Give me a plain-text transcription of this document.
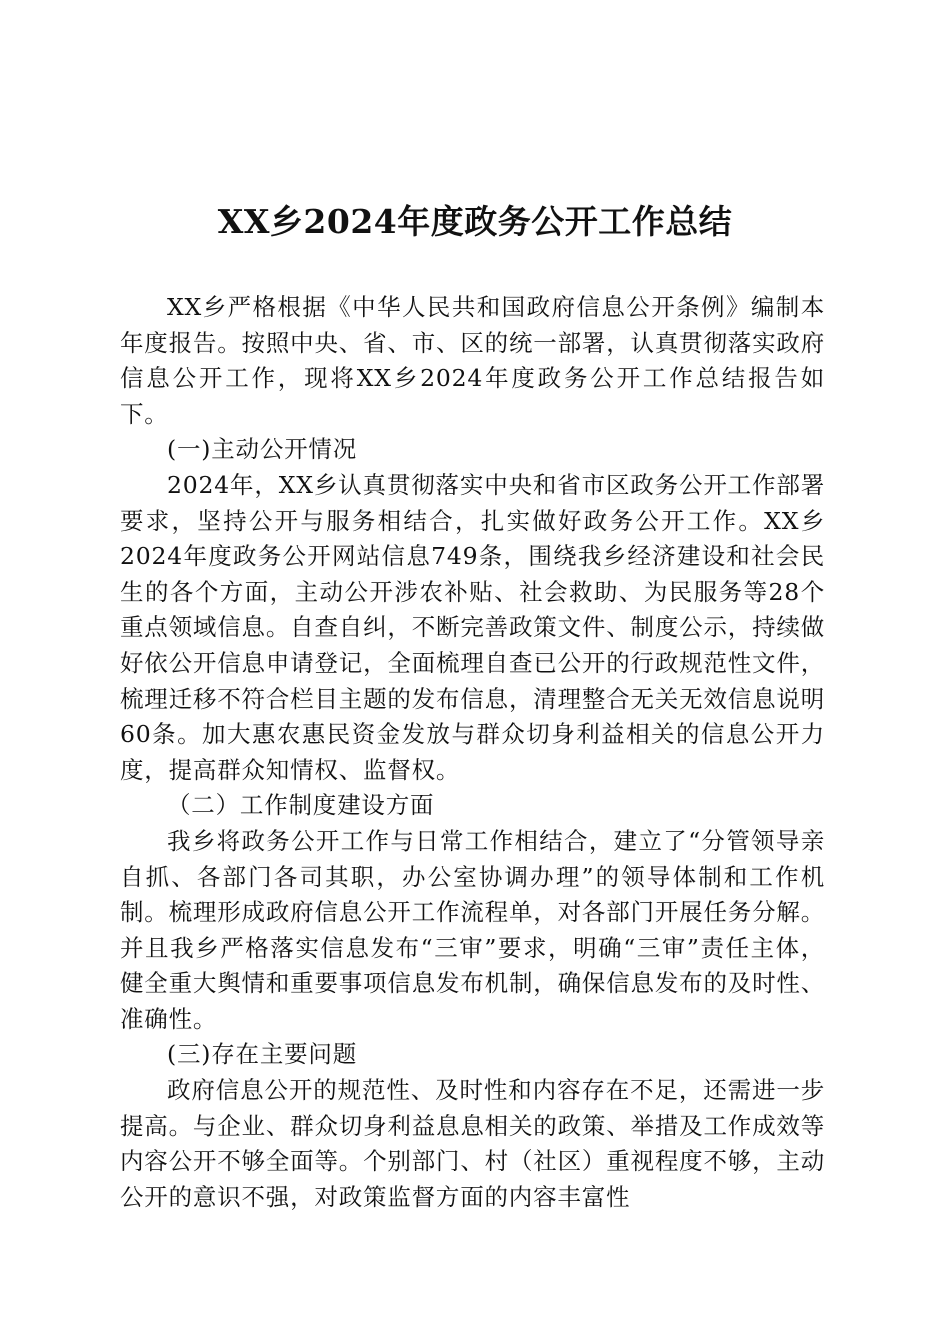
XX乡2024年度政务公开工作总结

XX乡严格根据《中华人民共和国政府信息公开条例》编制本年度报告。按照中央、省、市、区的统一部署，认真贯彻落实政府信息公开工作，现将XX乡2024年度政务公开工作总结报告如下。

(一)主动公开情况

2024年，XX乡认真贯彻落实中央和省市区政务公开工作部署要求，坚持公开与服务相结合，扎实做好政务公开工作。XX乡2024年度政务公开网站信息749条，围绕我乡经济建设和社会民生的各个方面，主动公开涉农补贴、社会救助、为民服务等28个重点领域信息。自查自纠，不断完善政策文件、制度公示，持续做好依公开信息申请登记，全面梳理自查已公开的行政规范性文件，梳理迁移不符合栏目主题的发布信息，清理整合无关无效信息说明60条。加大惠农惠民资金发放与群众切身利益相关的信息公开力度，提高群众知情权、监督权。

（二）工作制度建设方面

我乡将政务公开工作与日常工作相结合，建立了“分管领导亲自抓、各部门各司其职，办公室协调办理”的领导体制和工作机制。梳理形成政府信息公开工作流程单，对各部门开展任务分解。并且我乡严格落实信息发布“三审”要求，明确“三审”责任主体，健全重大舆情和重要事项信息发布机制，确保信息发布的及时性、准确性。

(三)存在主要问题

政府信息公开的规范性、及时性和内容存在不足，还需进一步提高。与企业、群众切身利益息息相关的政策、举措及工作成效等内容公开不够全面等。个别部门、村（社区）重视程度不够，主动公开的意识不强，对政策监督方面的内容丰富性
